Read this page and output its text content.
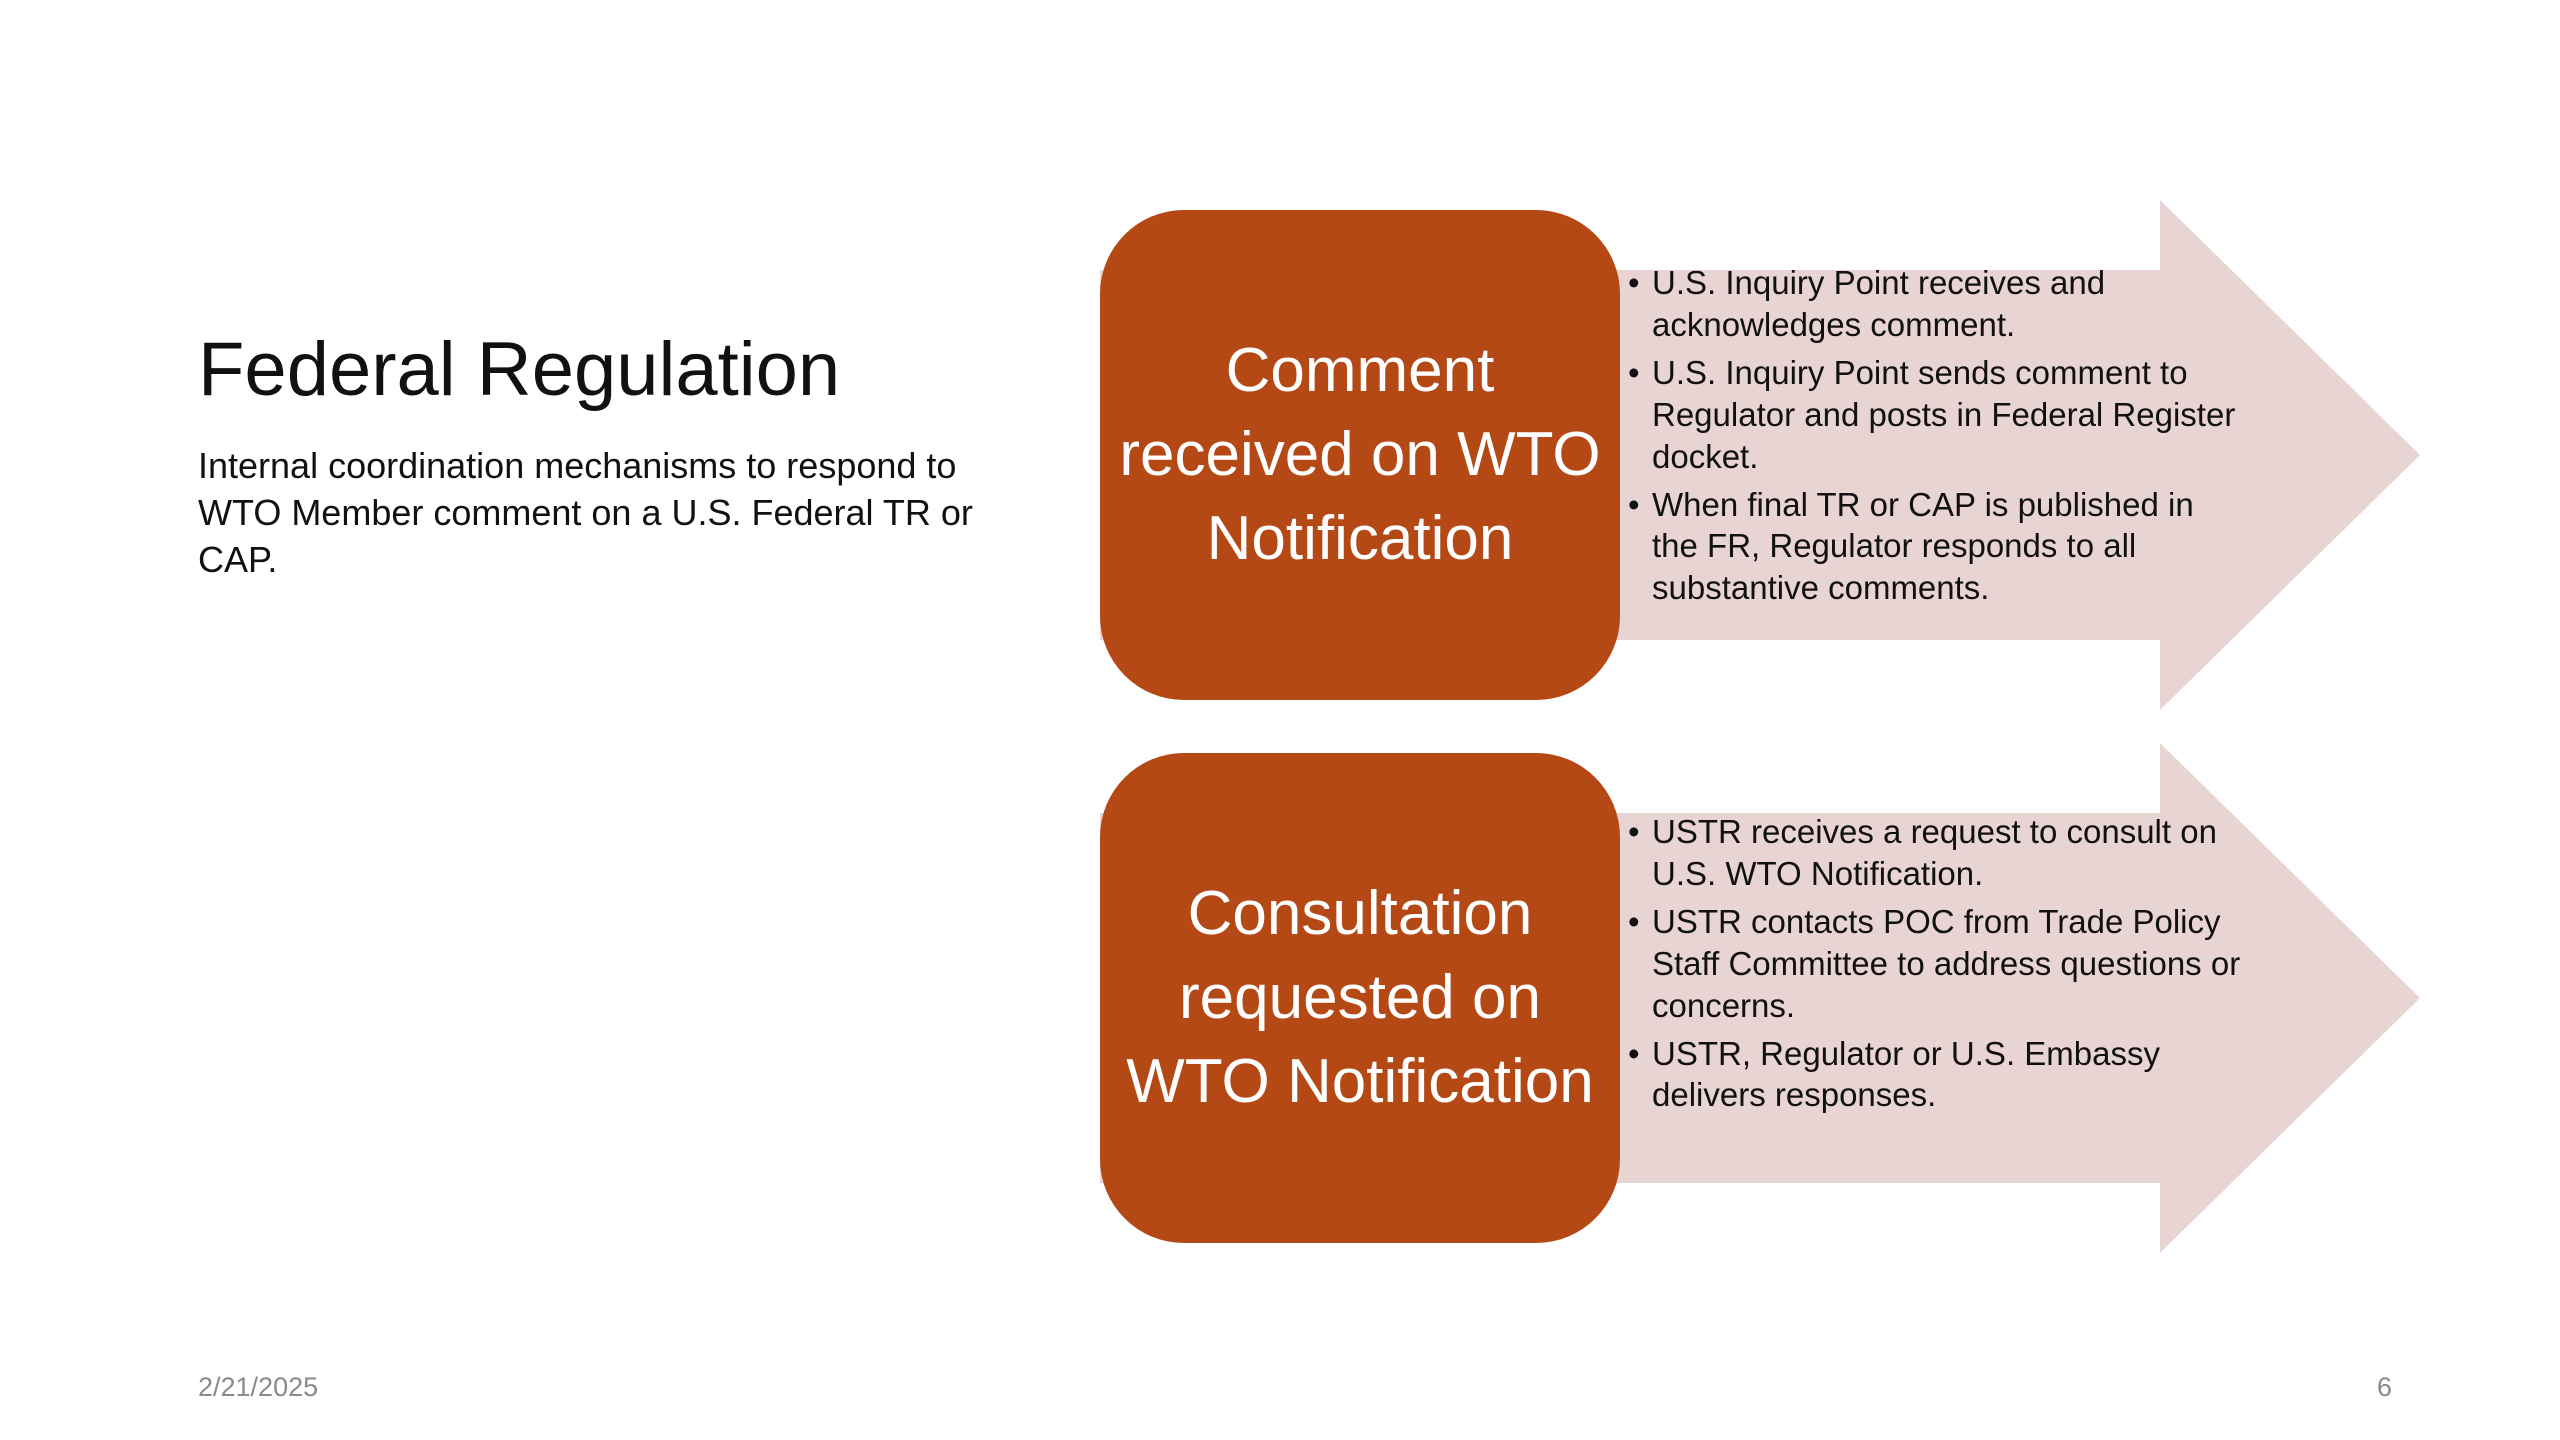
Federal Regulation
Internal coordination mechanisms to respond to WTO Member comment on a U.S. Federal TR or CAP.
Comment received on WTO Notification
• U.S. Inquiry Point receives and acknowledges comment.
• U.S. Inquiry Point sends comment to Regulator and posts in Federal Register docket.
• When final TR or CAP is published in the FR, Regulator responds to all substantive comments.
Consultation requested on WTO Notification
• USTR receives a request to consult on U.S. WTO Notification.
• USTR contacts POC from Trade Policy Staff Committee to address questions or concerns.
• USTR, Regulator or U.S. Embassy delivers responses.
2/21/2025	6
